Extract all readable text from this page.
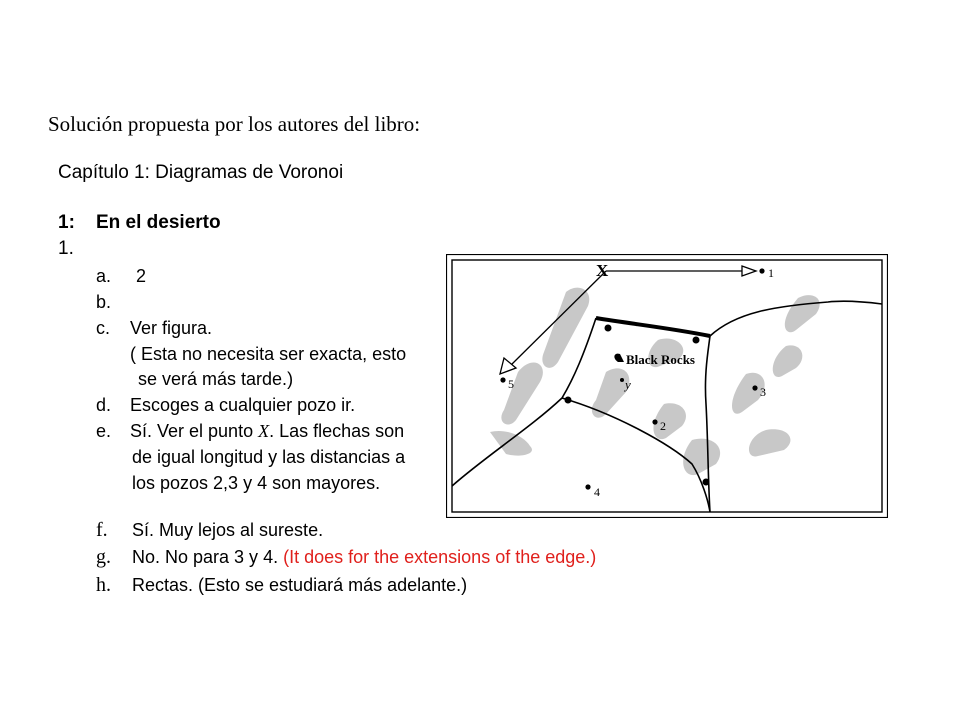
Solución propuesta por los autores del libro:
Capítulo 1: Diagramas de Voronoi
1: En el desierto
1.
a. 2
b.
c. Ver figura.
( Esta no necesita ser exacta, esto
se verá más tarde.)
d. Escoges a cualquier pozo ir.
e. Sí. Ver el punto X. Las flechas son
de igual longitud y las distancias a
los pozos 2,3 y 4 son mayores.
f. Sí. Muy lejos al sureste.
g. No. No para 3 y 4. (It does for the extensions of the edge.)
h. Rectas. (Esto se estudiará más adelante.)
X
Black Rocks
y
1
2
3
4
5
